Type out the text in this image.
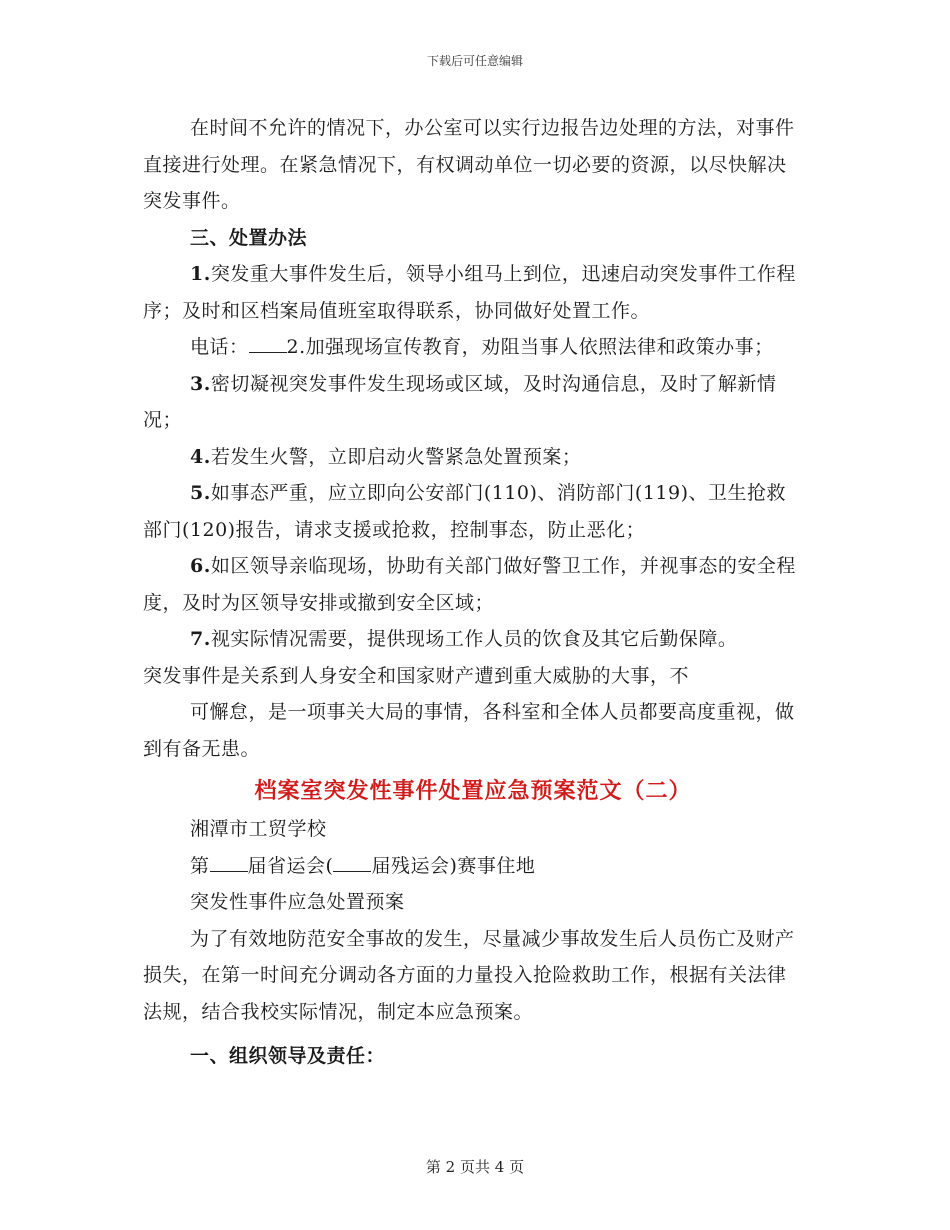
下载后可任意编辑

在时间不允许的情况下，办公室可以实行边报告边处理的方法，对事件直接进行处理。在紧急情况下，有权调动单位一切必要的资源，以尽快解决突发事件。

三、处置办法

1.突发重大事件发生后，领导小组马上到位，迅速启动突发事件工作程序；及时和区档案局值班室取得联系，协同做好处置工作。

电话： 2.加强现场宣传教育，劝阻当事人依照法律和政策办事；

3.密切凝视突发事件发生现场或区域，及时沟通信息，及时了解新情况；

4.若发生火警，立即启动火警紧急处置预案；

5.如事态严重，应立即向公安部门(110)、消防部门(119)、卫生抢救部门(120)报告，请求支援或抢救，控制事态，防止恶化；

6.如区领导亲临现场，协助有关部门做好警卫工作，并视事态的安全程度，及时为区领导安排或撤到安全区域；

7.视实际情况需要，提供现场工作人员的饮食及其它后勤保障。

突发事件是关系到人身安全和国家财产遭到重大威胁的大事，不

可懈怠，是一项事关大局的事情，各科室和全体人员都要高度重视，做到有备无患。

档案室突发性事件处置应急预案范文（二）

湘潭市工贸学校

第 届省运会( 届残运会)赛事住地

突发性事件应急处置预案

为了有效地防范安全事故的发生，尽量减少事故发生后人员伤亡及财产损失，在第一时间充分调动各方面的力量投入抢险救助工作，根据有关法律法规，结合我校实际情况，制定本应急预案。

一、组织领导及责任：

第 2 页共 4 页
